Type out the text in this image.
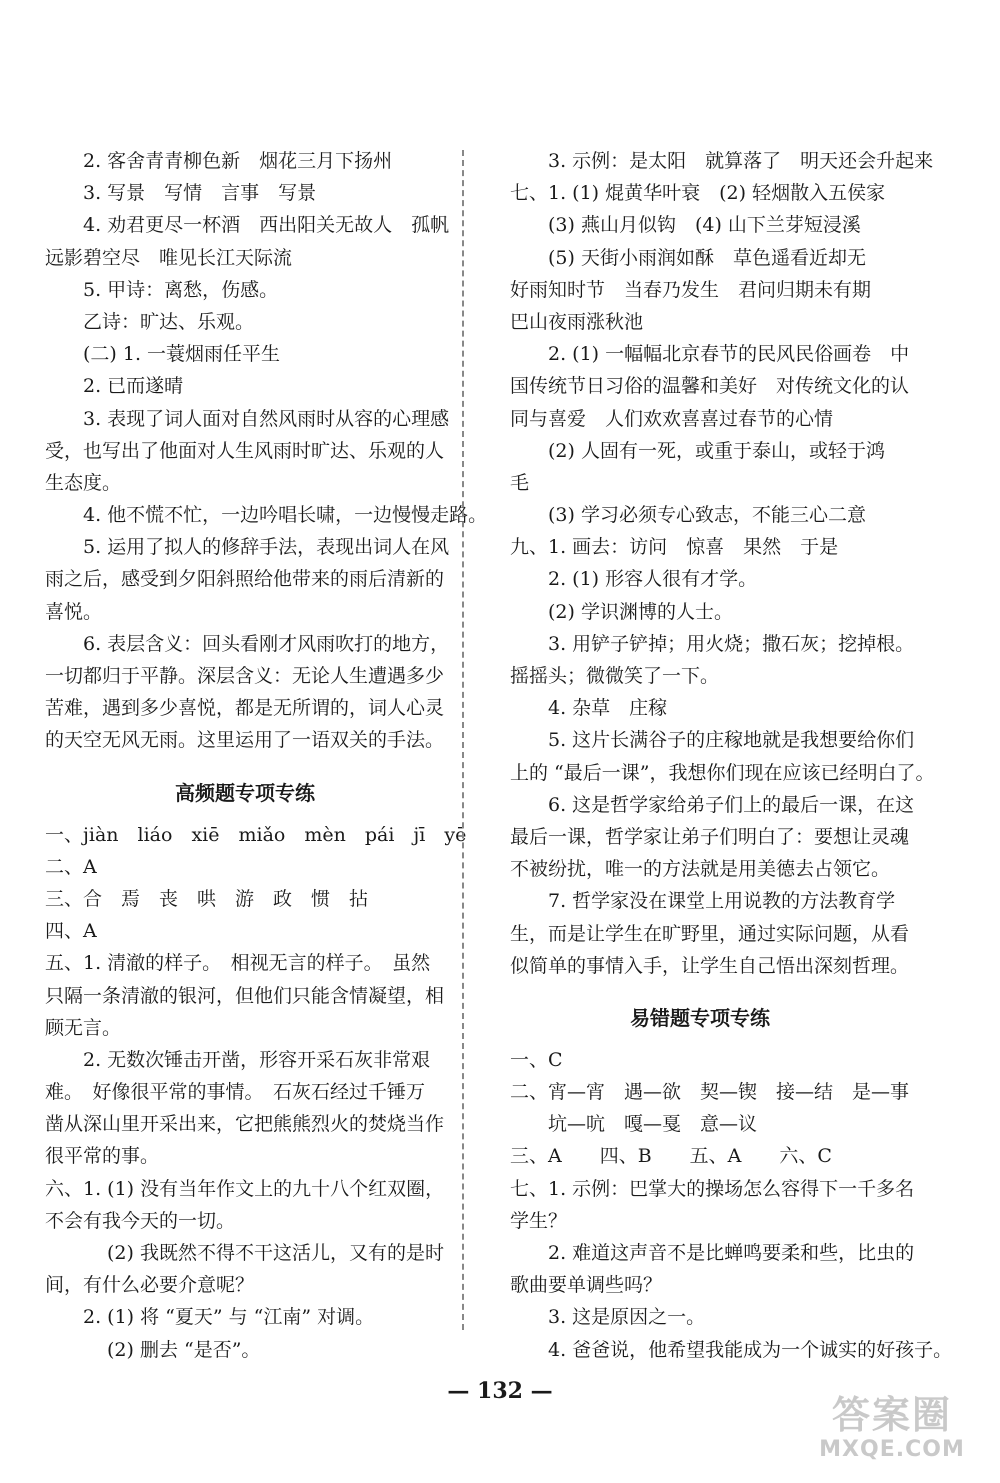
2. 客舍青青柳色新　烟花三月下扬州
3. 写景　写情　言事　写景
4. 劝君更尽一杯酒　西出阳关无故人　孤帆
远影碧空尽　唯见长江天际流
5. 甲诗：离愁，伤感。
乙诗：旷达、乐观。
(二) 1. 一蓑烟雨任平生
2. 已而遂晴
3. 表现了词人面对自然风雨时从容的心理感
受，也写出了他面对人生风雨时旷达、乐观的人
生态度。
4. 他不慌不忙，一边吟唱长啸，一边慢慢走路。
5. 运用了拟人的修辞手法，表现出词人在风
雨之后，感受到夕阳斜照给他带来的雨后清新的
喜悦。
6. 表层含义：回头看刚才风雨吹打的地方，
一切都归于平静。深层含义：无论人生遭遇多少
苦难，遇到多少喜悦，都是无所谓的，词人心灵
的天空无风无雨。这里运用了一语双关的手法。
高频题专项专练
一、jiàn　liáo　xiē　miǎo　mèn　pái　jī　yē
二、A
三、合　焉　丧　哄　游　政　惯　拈
四、A
五、1. 清澈的样子。　相视无言的样子。　虽然
只隔一条清澈的银河，但他们只能含情凝望，相
顾无言。
2. 无数次锤击开凿，形容开采石灰非常艰
难。　好像很平常的事情。　石灰石经过千锤万
凿从深山里开采出来，它把熊熊烈火的焚烧当作
很平常的事。
六、1. (1) 没有当年作文上的九十八个红双圈，
不会有我今天的一切。
(2) 我既然不得不干这活儿，又有的是时
间，有什么必要介意呢？
2. (1) 将 “夏天” 与 “江南” 对调。
(2) 删去 “是否”。
3. 示例：是太阳　就算落了　明天还会升起来
七、1. (1) 焜黄华叶衰　(2) 轻烟散入五侯家
(3) 燕山月似钩　(4) 山下兰芽短浸溪
(5) 天街小雨润如酥　草色遥看近却无
好雨知时节　当春乃发生　君问归期未有期
巴山夜雨涨秋池
2. (1) 一幅幅北京春节的民风民俗画卷　中
国传统节日习俗的温馨和美好　对传统文化的认
同与喜爱　人们欢欢喜喜过春节的心情
(2) 人固有一死，或重于泰山，或轻于鸿
毛
(3) 学习必须专心致志，不能三心二意
九、1. 画去：访问　惊喜　果然　于是
2. (1) 形容人很有才学。
(2) 学识渊博的人士。
3. 用铲子铲掉；用火烧；撒石灰；挖掉根。
摇摇头；微微笑了一下。
4. 杂草　庄稼
5. 这片长满谷子的庄稼地就是我想要给你们
上的 “最后一课”，我想你们现在应该已经明白了。
6. 这是哲学家给弟子们上的最后一课，在这
最后一课，哲学家让弟子们明白了：要想让灵魂
不被纷扰，唯一的方法就是用美德去占领它。
7. 哲学家没在课堂上用说教的方法教育学
生，而是让学生在旷野里，通过实际问题，从看
似简单的事情入手，让学生自己悟出深刻哲理。
易错题专项专练
一、C
二、宵—宵　遇—欲　契—锲　接—结　是—事
坑—吭　嘎—戛　意—议
三、A　　四、B　　五、A　　六、C
七、1. 示例：巴掌大的操场怎么容得下一千多名
学生？
2. 难道这声音不是比蝉鸣要柔和些，比虫的
歌曲要单调些吗？
3. 这是原因之一。
4. 爸爸说，他希望我能成为一个诚实的好孩子。
— 132 —
答案圈
MXQE.COM
